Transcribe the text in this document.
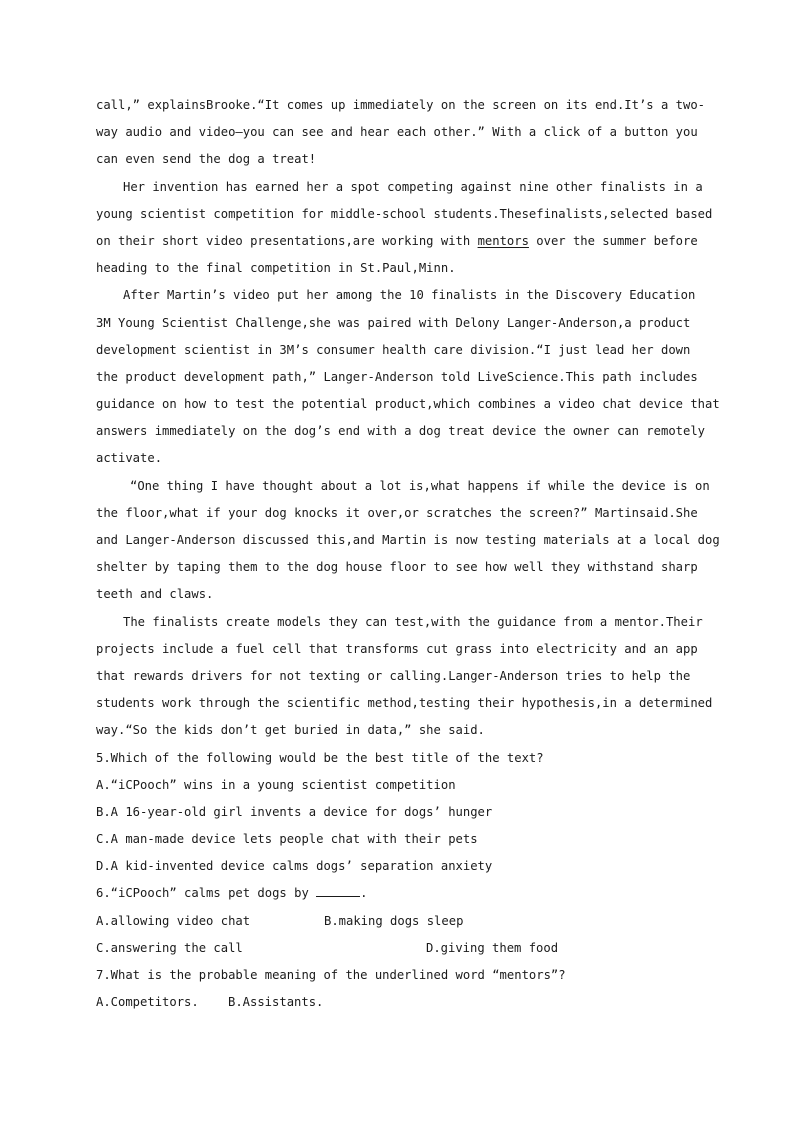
call,” explainsBrooke.“It comes up immediately on the screen on its end.It’s a two-
way audio and video—you can see and hear each other.” With a click of a button you
can even send the dog a treat!
Her invention has earned her a spot competing against nine other finalists in a
young scientist competition for middle-school students.Thesefinalists,selected based
on their short video presentations,are working with mentors over the summer before
heading to the final competition in St.Paul,Minn.
After Martin’s video put her among the 10 finalists in the Discovery Education
3M Young Scientist Challenge,she was paired with Delony Langer-Anderson,a product
development scientist in 3M’s consumer health care division.“I just lead her down
the product development path,” Langer-Anderson told LiveScience.This path includes
guidance on how to test the potential product,which combines a video chat device that
answers immediately on the dog’s end with a dog treat device the owner can remotely
activate.
“One thing I have thought about a lot is,what happens if while the device is on
the floor,what if your dog knocks it over,or scratches the screen?” Martinsaid.She
and Langer-Anderson discussed this,and Martin is now testing materials at a local dog
shelter by taping them to the dog house floor to see how well they withstand sharp
teeth and claws.
The finalists create models they can test,with the guidance from a mentor.Their
projects include a fuel cell that transforms cut grass into electricity and an app
that rewards drivers for not texting or calling.Langer-Anderson tries to help the
students work through the scientific method,testing their hypothesis,in a determined
way.“So the kids don’t get buried in data,” she said.
5.Which of the following would be the best title of the text?
A.“iCPooch” wins in a young scientist competition
B.A 16-year-old girl invents a device for dogs’ hunger
C.A man-made device lets people chat with their pets
D.A kid-invented device calms dogs’ separation anxiety
6.“iCPooch” calms pet dogs by	.
A.allowing video chat	B.making dogs sleep
C.answering the call	D.giving them food
7.What is the probable meaning of the underlined word “mentors”?
A.Competitors.	B.Assistants.
